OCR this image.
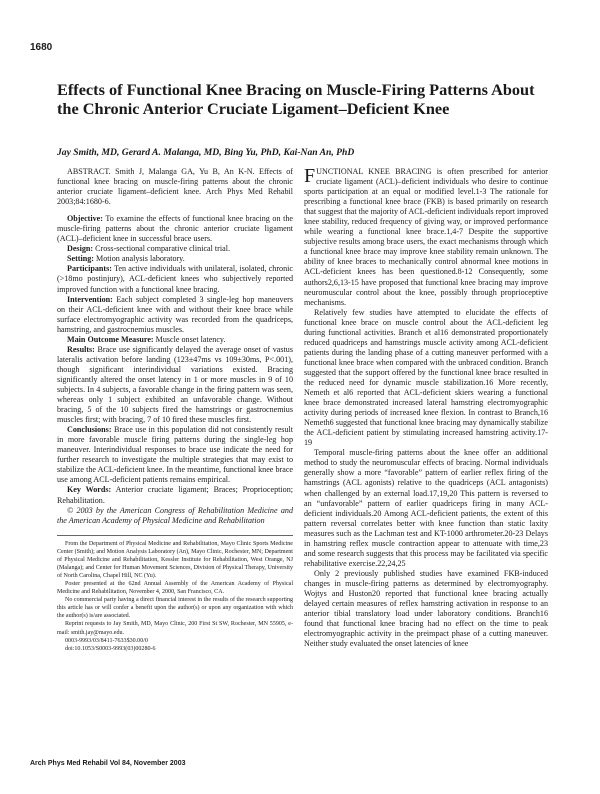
1680
Effects of Functional Knee Bracing on Muscle-Firing Patterns About the Chronic Anterior Cruciate Ligament–Deficient Knee
Jay Smith, MD, Gerard A. Malanga, MD, Bing Yu, PhD, Kai-Nan An, PhD

ABSTRACT. Smith J, Malanga GA, Yu B, An K-N. Effects of functional knee bracing on muscle-firing patterns about the chronic anterior cruciate ligament–deficient knee. Arch Phys Med Rehabil 2003;84:1680-6.

Objective: To examine the effects of functional knee bracing on the muscle-firing patterns about the chronic anterior cruciate ligament (ACL)–deficient knee in successful brace users.

Design: Cross-sectional comparative clinical trial.

Setting: Motion analysis laboratory.

Participants: Ten active individuals with unilateral, isolated, chronic (>18mo postinjury), ACL-deficient knees who subjectively reported improved function with a functional knee bracing.

Intervention: Each subject completed 3 single-leg hop maneuvers on their ACL-deficient knee with and without their knee brace while surface electromyographic activity was recorded from the quadriceps, hamstring, and gastrocnemius muscles.

Main Outcome Measure: Muscle onset latency.

Results: Brace use significantly delayed the average onset of vastus lateralis activation before landing (123±47ms vs 109±30ms, P<.001), though significant interindividual variations existed. Bracing significantly altered the onset latency in 1 or more muscles in 9 of 10 subjects. In 4 subjects, a favorable change in the firing pattern was seen, whereas only 1 subject exhibited an unfavorable change. Without bracing, 5 of the 10 subjects fired the hamstrings or gastrocnemius muscles first; with bracing, 7 of 10 fired these muscles first.

Conclusions: Brace use in this population did not consistently result in more favorable muscle firing patterns during the single-leg hop maneuver. Interindividual responses to brace use indicate the need for further research to investigate the multiple strategies that may exist to stabilize the ACL-deficient knee. In the meantime, functional knee brace use among ACL-deficient patients remains empirical.

Key Words: Anterior cruciate ligament; Braces; Proprioception; Rehabilitation.

© 2003 by the American Congress of Rehabilitation Medicine and the American Academy of Physical Medicine and Rehabilitation

From the Department of Physical Medicine and Rehabilitation, Mayo Clinic Sports Medicine Center (Smith); and Motion Analysis Laboratory (An), Mayo Clinic, Rochester, MN; Department of Physical Medicine and Rehabilitation, Kessler Institute for Rehabilitation, West Orange, NJ (Malanga); and Center for Human Movement Sciences, Division of Physical Therapy, University of North Carolina, Chapel Hill, NC (Yu).

Poster presented at the 62nd Annual Assembly of the American Academy of Physical Medicine and Rehabilitation, November 4, 2000, San Francisco, CA.

No commercial party having a direct financial interest in the results of the research supporting this article has or will confer a benefit upon the author(s) or upon any organization with which the author(s) is/are associated.

Reprint requests to Jay Smith, MD, Mayo Clinic, 200 First St SW, Rochester, MN 55905, e-mail: smith.jay@mayo.edu.

0003-9993/03/8411-7633$30.00/0

doi:10.1053/S0003-9993(03)00280-6

FUNCTIONAL KNEE BRACING is often prescribed for anterior cruciate ligament (ACL)–deficient individuals who desire to continue sports participation at an equal or modified level.1-3 The rationale for prescribing a functional knee brace (FKB) is based primarily on research that suggest that the majority of ACL-deficient individuals report improved knee stability, reduced frequency of giving way, or improved performance while wearing a functional knee brace.1,4-7 Despite the supportive subjective results among brace users, the exact mechanisms through which a functional knee brace may improve knee stability remain unknown. The ability of knee braces to mechanically control abnormal knee motions in ACL-deficient knees has been questioned.8-12 Consequently, some authors2,6,13-15 have proposed that functional knee bracing may improve neuromuscular control about the knee, possibly through proprioceptive mechanisms.

Relatively few studies have attempted to elucidate the effects of functional knee brace on muscle control about the ACL-deficient leg during functional activities. Branch et al16 demonstrated proportionately reduced quadriceps and hamstrings muscle activity among ACL-deficient patients during the landing phase of a cutting maneuver performed with a functional knee brace when compared with the unbraced condition. Branch suggested that the support offered by the functional knee brace resulted in the reduced need for dynamic muscle stabilization.16 More recently, Nemeth et al6 reported that ACL-deficient skiers wearing a functional knee brace demonstrated increased lateral hamstring electromyographic activity during periods of increased knee flexion. In contrast to Branch,16 Nemeth6 suggested that functional knee bracing may dynamically stabilize the ACL-deficient patient by stimulating increased hamstring activity.17-19

Temporal muscle-firing patterns about the knee offer an additional method to study the neuromuscular effects of bracing. Normal individuals generally show a more “favorable” pattern of earlier reflex firing of the hamstrings (ACL agonists) relative to the quadriceps (ACL antagonists) when challenged by an external load.17,19,20 This pattern is reversed to an “unfavorable” pattern of earlier quadriceps firing in many ACL-deficient individuals.20 Among ACL-deficient patients, the extent of this pattern reversal correlates better with knee function than static laxity measures such as the Lachman test and KT-1000 arthrometer.20-23 Delays in hamstring reflex muscle contraction appear to attenuate with time,23 and some research suggests that this process may be facilitated via specific rehabilitative exercise.22,24,25

Only 2 previously published studies have examined FKB-induced changes in muscle-firing patterns as determined by electromyography. Wojtys and Huston20 reported that functional knee bracing actually delayed certain measures of reflex hamstring activation in response to an anterior tibial translatory load under laboratory conditions. Branch16 found that functional knee bracing had no effect on the time to peak electromyographic activity in the preimpact phase of a cutting maneuver. Neither study evaluated the onset latencies of knee

Arch Phys Med Rehabil Vol 84, November 2003
